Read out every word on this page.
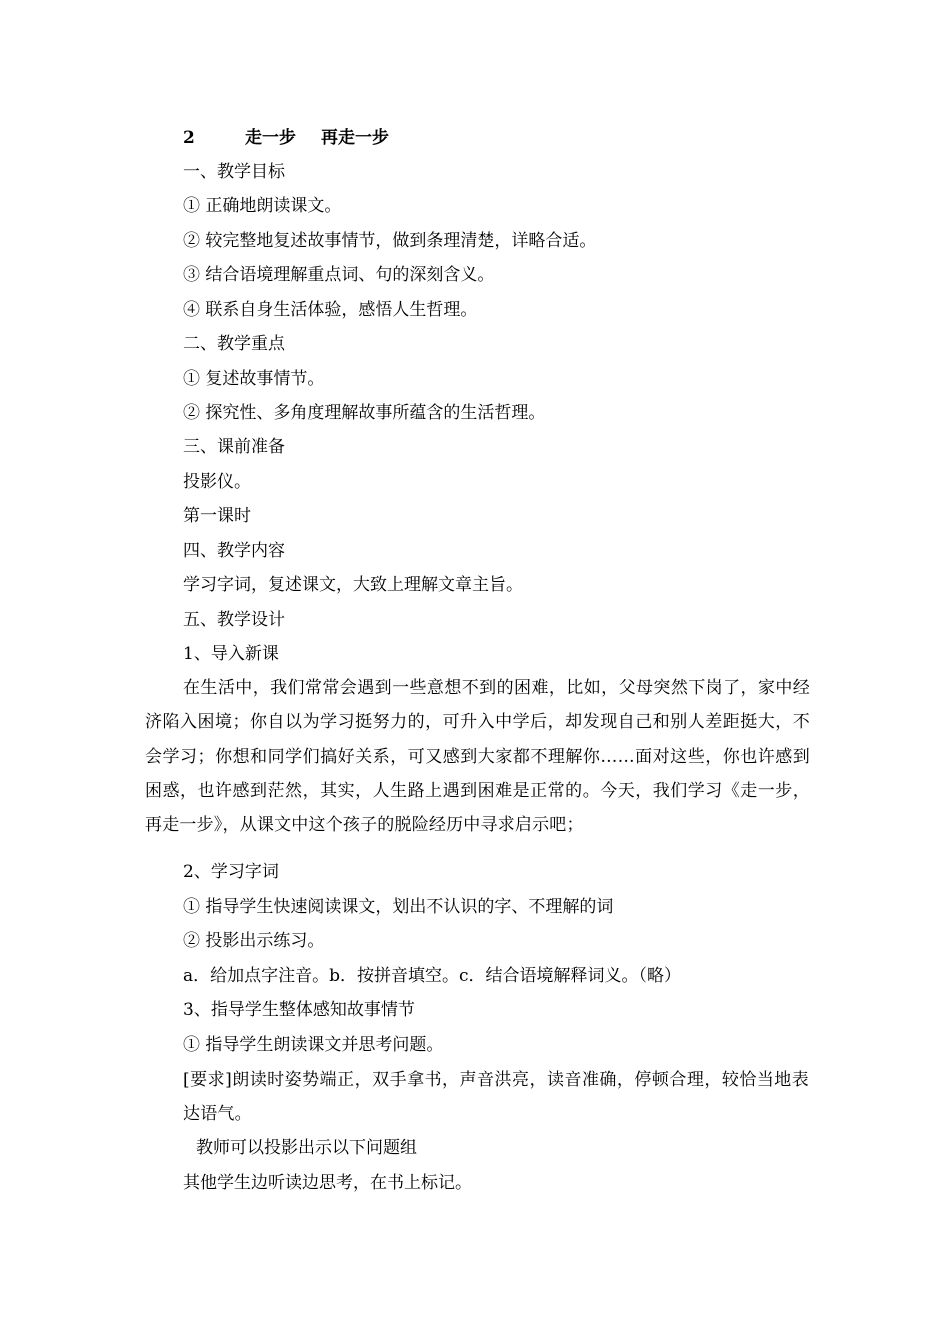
2	走一步 再走一步
一、教学目标
① 正确地朗读课文。
② 较完整地复述故事情节，做到条理清楚，详略合适。
③ 结合语境理解重点词、句的深刻含义。
④ 联系自身生活体验，感悟人生哲理。
二、教学重点
① 复述故事情节。
② 探究性、多角度理解故事所蕴含的生活哲理。
三、课前准备
投影仪。
第一课时
四、教学内容
学习字词，复述课文，大致上理解文章主旨。
五、教学设计
1、导入新课
在生活中，我们常常会遇到一些意想不到的困难，比如，父母突然下岗了，家中经济陷入困境；你自以为学习挺努力的，可升入中学后，却发现自己和别人差距挺大，不会学习；你想和同学们搞好关系，可又感到大家都不理解你……面对这些，你也许感到困惑，也许感到茫然，其实，人生路上遇到困难是正常的。今天，我们学习《走一步，再走一步》，从课文中这个孩子的脱险经历中寻求启示吧；
2、学习字词
① 指导学生快速阅读课文，划出不认识的字、不理解的词
② 投影出示练习。
a．给加点字注音。b．按拼音填空。c．结合语境解释词义。（略）
3、指导学生整体感知故事情节
① 指导学生朗读课文并思考问题。
[要求]朗读时姿势端正，双手拿书，声音洪亮，读音准确，停顿合理，较恰当地表达语气。
教师可以投影出示以下问题组
其他学生边听读边思考，在书上标记。
